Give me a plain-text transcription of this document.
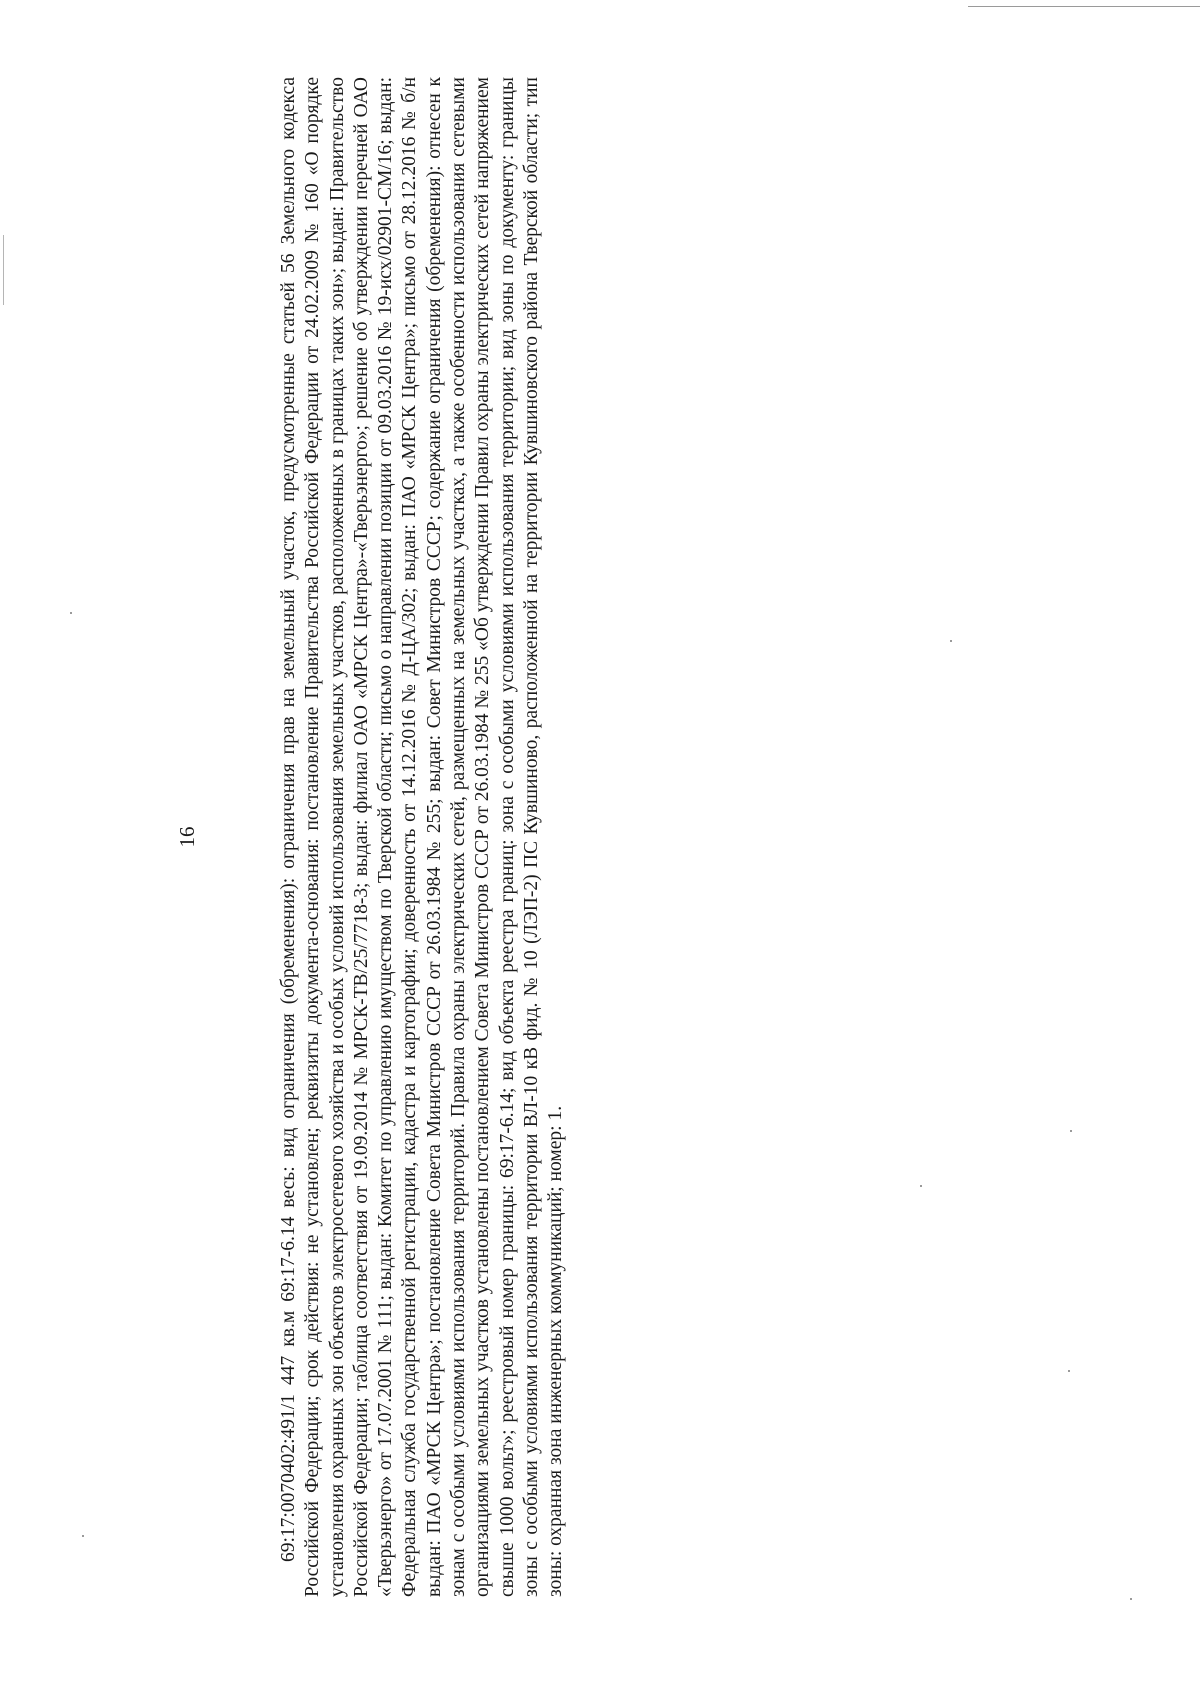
16	69:17:0070402:491/1 447 кв.м 69:17-6.14 весь: вид ограничения (обременения): ограничения прав на земельный участок, предусмотренные статьей 56 Земельного кодекса Российской Федерации; срок действия: не установлен; реквизиты документа-основания: постановление Правительства Российской Федерации от 24.02.2009 № 160 «О порядке установления охранных зон объектов электросетевого хозяйства и особых условий использования земельных участков, расположенных в границах таких зон»; выдан: Правительство Российской Федерации; таблица соответствия от 19.09.2014 № МРСК-ТВ/25/7718-3; выдан: филиал ОАО «МРСК Центра»-«Тверьэнерго»; решение об утверждении перечней ОАО «Тверьэнерго» от 17.07.2001 № 111; выдан: Комитет по управлению имуществом по Тверской области; письмо о направлении позиции от 09.03.2016 № 19-исх/02901-СМ/16; выдан: Федеральная служба государственной регистрации, кадастра и картографии; доверенность от 14.12.2016 № Д-ЦА/302; выдан: ПАО «МРСК Центра»; письмо от 28.12.2016 № б/н выдан: ПАО «МРСК Центра»; постановление Совета Министров СССР от 26.03.1984 № 255; выдан: Совет Министров СССР; содержание ограничения (обременения): отнесен к зонам с особыми условиями использования территорий. Правила охраны электрических сетей, размещенных на земельных участках, а также особенности использования сетевыми организациями земельных участков установлены постановлением Совета Министров СССР от 26.03.1984 № 255 «Об утверждении Правил охраны электрических сетей напряжением свыше 1000 вольт»; реестровый номер границы: 69:17-6.14; вид объекта реестра границ: зона с особыми условиями использования территории; вид зоны по документу: границы зоны с особыми условиями использования территории ВЛ-10 кВ фид. № 10 (ЛЭП-2) ПС Кувшиново, расположенной на территории Кувшиновского района Тверской области; тип зоны: охранная зона инженерных коммуникаций; номер: 1.
